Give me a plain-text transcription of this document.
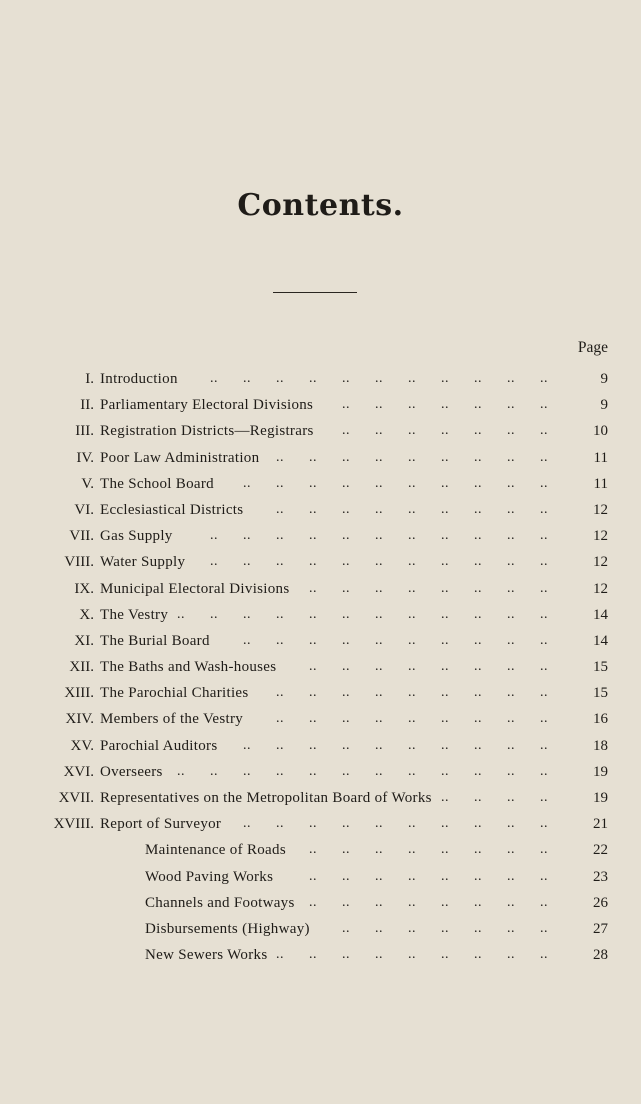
Contents.
Page
I. Introduction	9
..
..
..
..
..
..
..
..
..
..
..
II. Parliamentary Electoral Divisions	9
..
..
..
..
..
..
..
III. Registration Districts—Registrars	10
..
..
..
..
..
..
..
IV. Poor Law Administration	11
..
..
..
..
..
..
..
..
..
V. The School Board	11
..
..
..
..
..
..
..
..
..
..
VI. Ecclesiastical Districts	12
..
..
..
..
..
..
..
..
..
VII. Gas Supply	12
..
..
..
..
..
..
..
..
..
..
..
VIII. Water Supply	12
..
..
..
..
..
..
..
..
..
..
..
IX. Municipal Electoral Divisions	12
..
..
..
..
..
..
..
..
X. The Vestry	14
..
..
..
..
..
..
..
..
..
..
..
..
XI. The Burial Board	14
..
..
..
..
..
..
..
..
..
..
XII. The Baths and Wash-houses	15
..
..
..
..
..
..
..
..
XIII. The Parochial Charities	15
..
..
..
..
..
..
..
..
..
XIV. Members of the Vestry	16
..
..
..
..
..
..
..
..
..
XV. Parochial Auditors	18
..
..
..
..
..
..
..
..
..
..
XVI. Overseers	19
..
..
..
..
..
..
..
..
..
..
..
..
XVII. Representatives on the Metropolitan Board of Works	19
..
..
..
..
XVIII. Report of Surveyor	21
..
..
..
..
..
..
..
..
..
..
Maintenance of Roads	22
..
..
..
..
..
..
..
..
Wood Paving Works	23
..
..
..
..
..
..
..
..
Channels and Footways	26
..
..
..
..
..
..
..
..
Disbursements (Highway)	27
..
..
..
..
..
..
..
New Sewers Works	28
..
..
..
..
..
..
..
..
..
